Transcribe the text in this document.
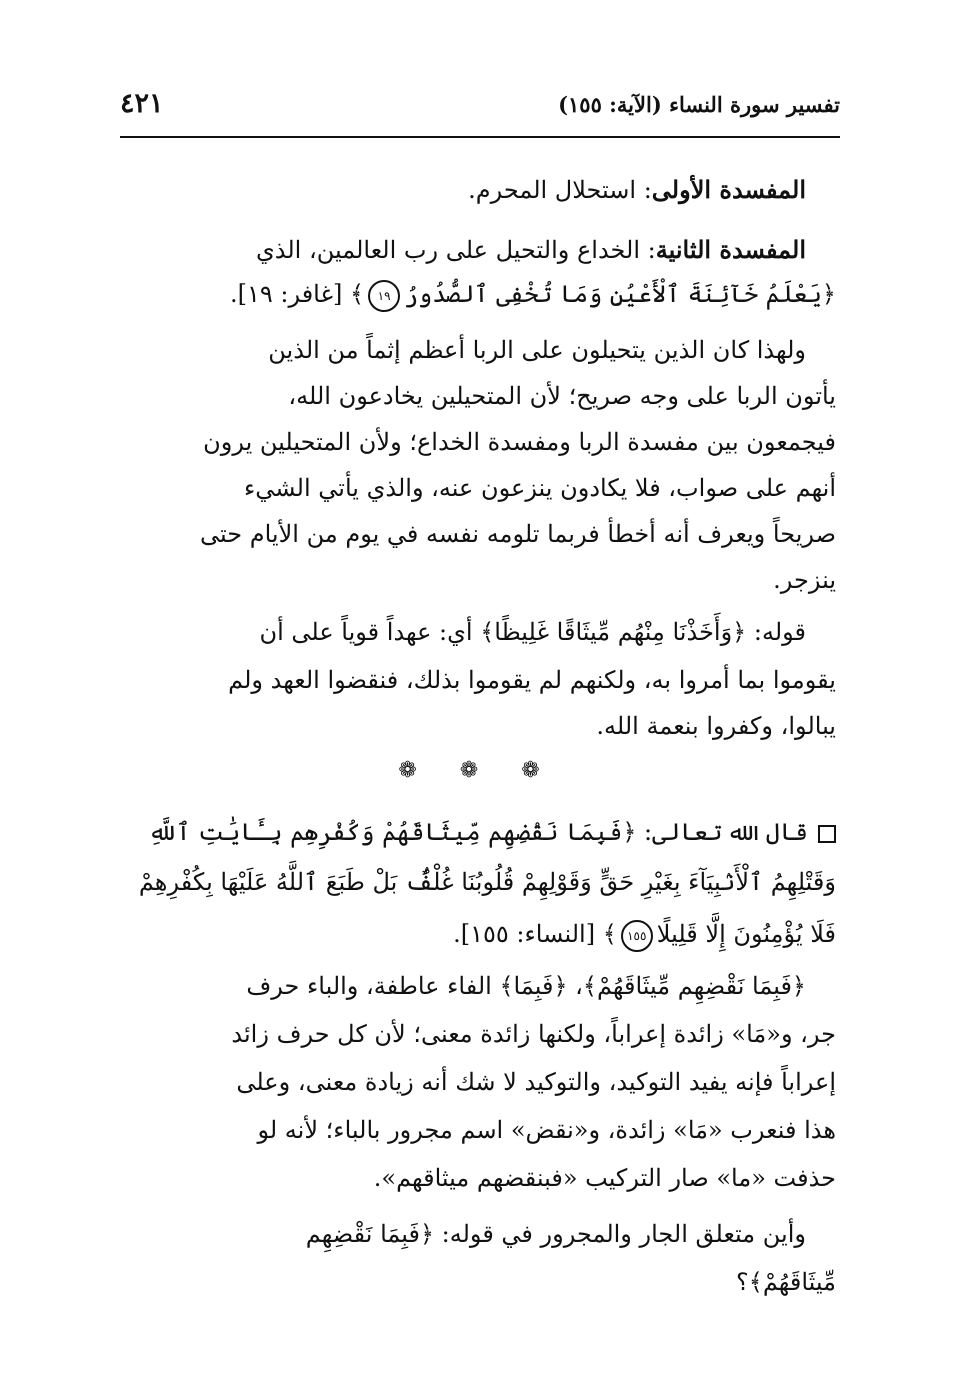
تفسير سورة النساء (الآية: ١٥٥)
٤٢١
المفسدة الأولى: استحلال المحرم.
المفسدة الثانية: الخداع والتحيل على رب العالمين، الذي
﴿يَعْلَمُ خَآئِنَةَ ٱلْأَعْيُنِ وَمَا تُخْفِى ٱلصُّدُورُ١٩﴾ [غافر: ١٩].
ولهذا كان الذين يتحيلون على الربا أعظم إثماً من الذين
يأتون الربا على وجه صريح؛ لأن المتحيلين يخادعون الله،
فيجمعون بين مفسدة الربا ومفسدة الخداع؛ ولأن المتحيلين يرون
أنهم على صواب، فلا يكادون ينزعون عنه، والذي يأتي الشيء
صريحاً ويعرف أنه أخطأ فربما تلومه نفسه في يوم من الأيام حتى
ينزجر.
قوله: ﴿وَأَخَذْنَا مِنْهُم مِّيثَاقًا غَلِيظًا﴾ أي: عهداً قوياً على أن
يقوموا بما أمروا به، ولكنهم لم يقوموا بذلك، فنقضوا العهد ولم
يبالوا، وكفروا بنعمة الله.
❁ ❁ ❁
قال الله تعالى: ﴿فَبِمَا نَقْضِهِم مِّيثَاقَهُمْ وَكُفْرِهِم بِـَٔايَٰتِ ٱللَّهِ
وَقَتْلِهِمُ ٱلْأَنۢبِيَآءَ بِغَيْرِ حَقٍّ وَقَوْلِهِمْ قُلُوبُنَا غُلْفٌۢ بَلْ طَبَعَ ٱللَّهُ عَلَيْهَا بِكُفْرِهِمْ
فَلَا يُؤْمِنُونَ إِلَّا قَلِيلًا١٥٥﴾ [النساء: ١٥٥].
﴿فَبِمَا نَقْضِهِم مِّيثَاقَهُمْ﴾، ﴿فَبِمَا﴾ الفاء عاطفة، والباء حرف
جر، و«مَا» زائدة إعراباً، ولكنها زائدة معنى؛ لأن كل حرف زائد
إعراباً فإنه يفيد التوكيد، والتوكيد لا شك أنه زيادة معنى، وعلى
هذا فنعرب «مَا» زائدة، و«نقض» اسم مجرور بالباء؛ لأنه لو
حذفت «ما» صار التركيب «فبنقضهم ميثاقهم».
وأين متعلق الجار والمجرور في قوله: ﴿فَبِمَا نَقْضِهِم
مِّيثَاقَهُمْ﴾؟
